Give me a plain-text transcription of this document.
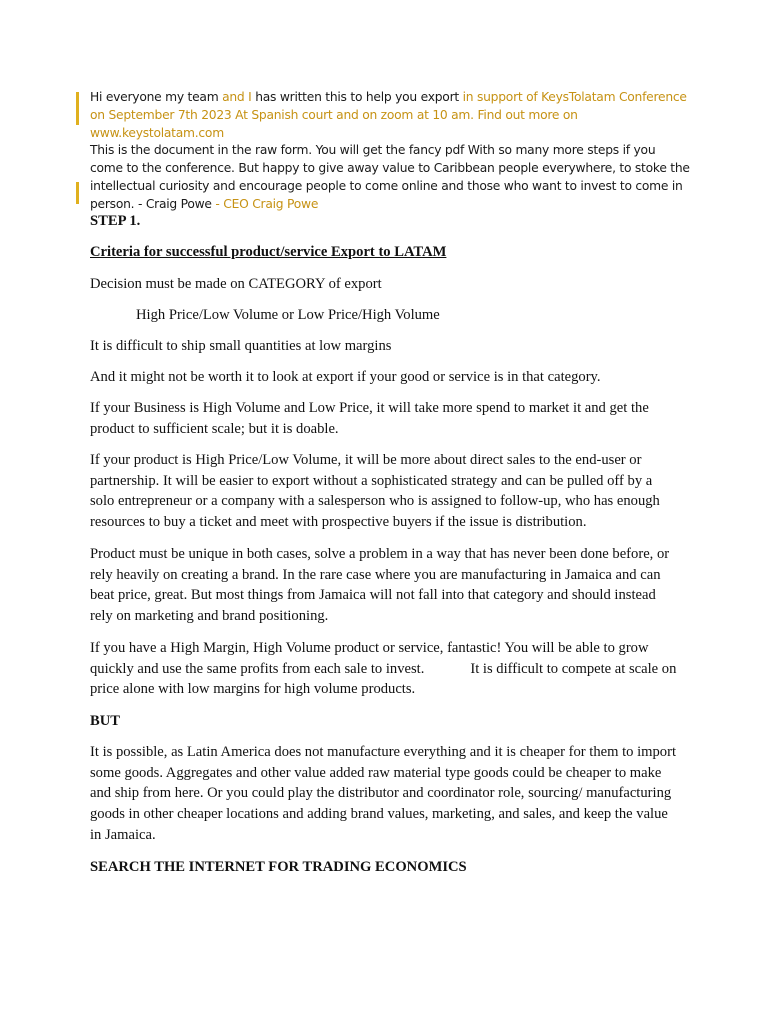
Hi everyone my team and I has written this to help you export in support of KeysTolatam Conference on September 7th 2023 At Spanish court and on zoom at 10 am. Find out more on www.keystolatam.com
This is the document in the raw form. You will get the fancy pdf With so many more steps if you come to the conference. But happy to give away value to Caribbean people everywhere, to stoke the intellectual curiosity and encourage people to come online and those who want to invest to come in person. - Craig Powe - CEO Craig Powe

STEP 1.

Criteria for successful product/service Export to LATAM

Decision must be made on CATEGORY of export

High Price/Low Volume or Low Price/High Volume

It is difficult to ship small quantities at low margins

And it might not be worth it to look at export if your good or service is in that category.

If your Business is High Volume and Low Price, it will take more spend to market it and get the product to sufficient scale; but it is doable.

If your product is High Price/Low Volume, it will be more about direct sales to the end-user or partnership. It will be easier to export without a sophisticated strategy and can be pulled off by a solo entrepreneur or a company with a salesperson who is assigned to follow-up, who has enough resources to buy a ticket and meet with prospective buyers if the issue is distribution.

Product must be unique in both cases, solve a problem in a way that has never been done before, or rely heavily on creating a brand. In the rare case where you are manufacturing in Jamaica and can beat price, great. But most things from Jamaica will not fall into that category and should instead rely on marketing and brand positioning.

If you have a High Margin, High Volume product or service, fantastic! You will be able to grow quickly and use the same profits from each sale to invest.	It is difficult to compete at scale on price alone with low margins for high volume products.

BUT

It is possible, as Latin America does not manufacture everything and it is cheaper for them to import some goods. Aggregates and other value added raw material type goods could be cheaper to make and ship from here. Or you could play the distributor and coordinator role, sourcing/ manufacturing goods in other cheaper locations and adding brand values, marketing, and sales, and keep the value in Jamaica.

SEARCH THE INTERNET FOR TRADING ECONOMICS
